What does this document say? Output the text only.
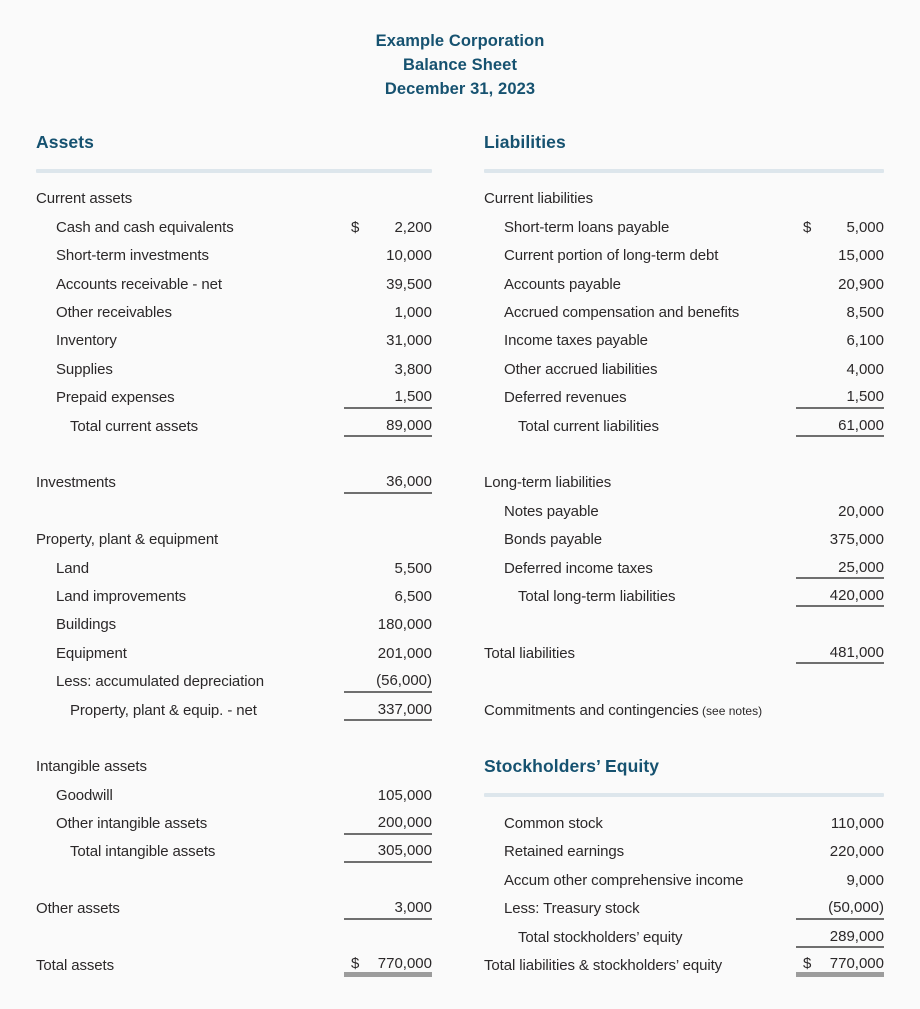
Example Corporation
Balance Sheet
December 31, 2023
Assets
Current assets
Cash and cash equivalents	$ 2,200
Short-term investments	10,000
Accounts receivable - net	39,500
Other receivables	1,000
Inventory	31,000
Supplies	3,800
Prepaid expenses	1,500
Total current assets	89,000
Investments	36,000
Property, plant & equipment
Land	5,500
Land improvements	6,500
Buildings	180,000
Equipment	201,000
Less: accumulated depreciation	(56,000)
Property, plant & equip. - net	337,000
Intangible assets
Goodwill	105,000
Other intangible assets	200,000
Total intangible assets	305,000
Other assets	3,000
Total assets	$ 770,000
Liabilities
Current liabilities
Short-term loans payable	$ 5,000
Current portion of long-term debt	15,000
Accounts payable	20,900
Accrued compensation and benefits	8,500
Income taxes payable	6,100
Other accrued liabilities	4,000
Deferred revenues	1,500
Total current liabilities	61,000
Long-term liabilities
Notes payable	20,000
Bonds payable	375,000
Deferred income taxes	25,000
Total long-term liabilities	420,000
Total liabilities	481,000
Commitments and contingencies (see notes)
Stockholders’ Equity
Common stock	110,000
Retained earnings	220,000
Accum other comprehensive income	9,000
Less: Treasury stock	(50,000)
Total stockholders’ equity	289,000
Total liabilities & stockholders’ equity	$ 770,000
